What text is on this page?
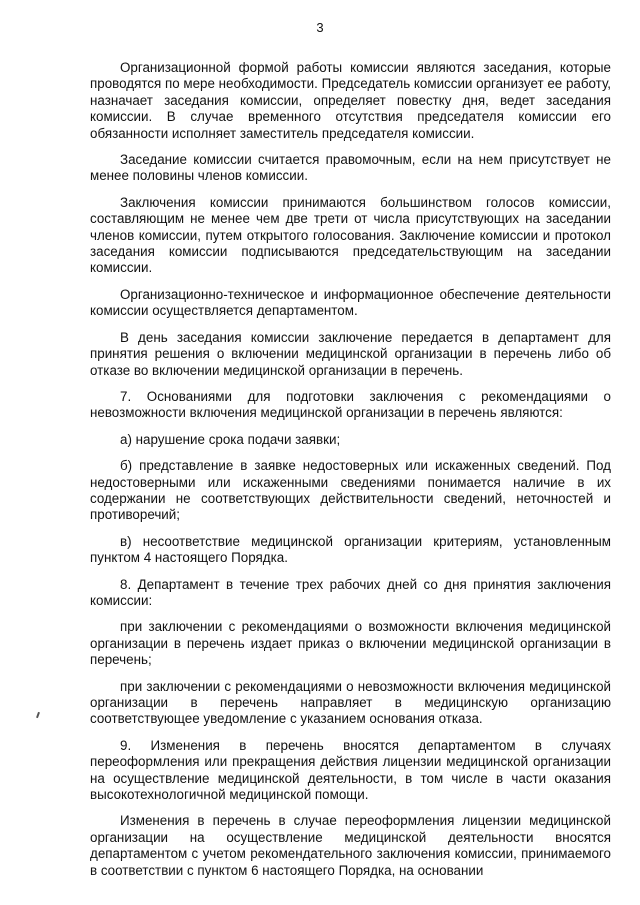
3

Организационной формой работы комиссии являются заседания, которые проводятся по мере необходимости. Председатель комиссии организует ее работу, назначает заседания комиссии, определяет повестку дня, ведет заседания комиссии. В случае временного отсутствия председателя комиссии его обязанности исполняет заместитель председателя комиссии.

Заседание комиссии считается правомочным, если на нем присутствует не менее половины членов комиссии.

Заключения комиссии принимаются большинством голосов комиссии, составляющим не менее чем две трети от числа присутствующих на заседании членов комиссии, путем открытого голосования. Заключение комиссии и протокол заседания комиссии подписываются председательствующим на заседании комиссии.

Организационно-техническое и информационное обеспечение деятельности комиссии осуществляется департаментом.

В день заседания комиссии заключение передается в департамент для принятия решения о включении медицинской организации в перечень либо об отказе во включении медицинской организации в перечень.

7. Основаниями для подготовки заключения с рекомендациями о невозможности включения медицинской организации в перечень являются:

а) нарушение срока подачи заявки;

б) представление в заявке недостоверных или искаженных сведений. Под недостоверными или искаженными сведениями понимается наличие в их содержании не соответствующих действительности сведений, неточностей и противоречий;

в) несоответствие медицинской организации критериям, установленным пунктом 4 настоящего Порядка.

8. Департамент в течение трех рабочих дней со дня принятия заключения комиссии:

при заключении с рекомендациями о возможности включения медицинской организации в перечень издает приказ о включении медицинской организации в перечень;

при заключении с рекомендациями о невозможности включения медицинской организации в перечень направляет в медицинскую организацию соответствующее уведомление с указанием основания отказа.

9. Изменения в перечень вносятся департаментом в случаях переоформления или прекращения действия лицензии медицинской организации на осуществление медицинской деятельности, в том числе в части оказания высокотехнологичной медицинской помощи.

Изменения в перечень в случае переоформления лицензии медицинской организации на осуществление медицинской деятельности вносятся департаментом с учетом рекомендательного заключения комиссии, принимаемого в соответствии с пунктом 6 настоящего Порядка, на основании
